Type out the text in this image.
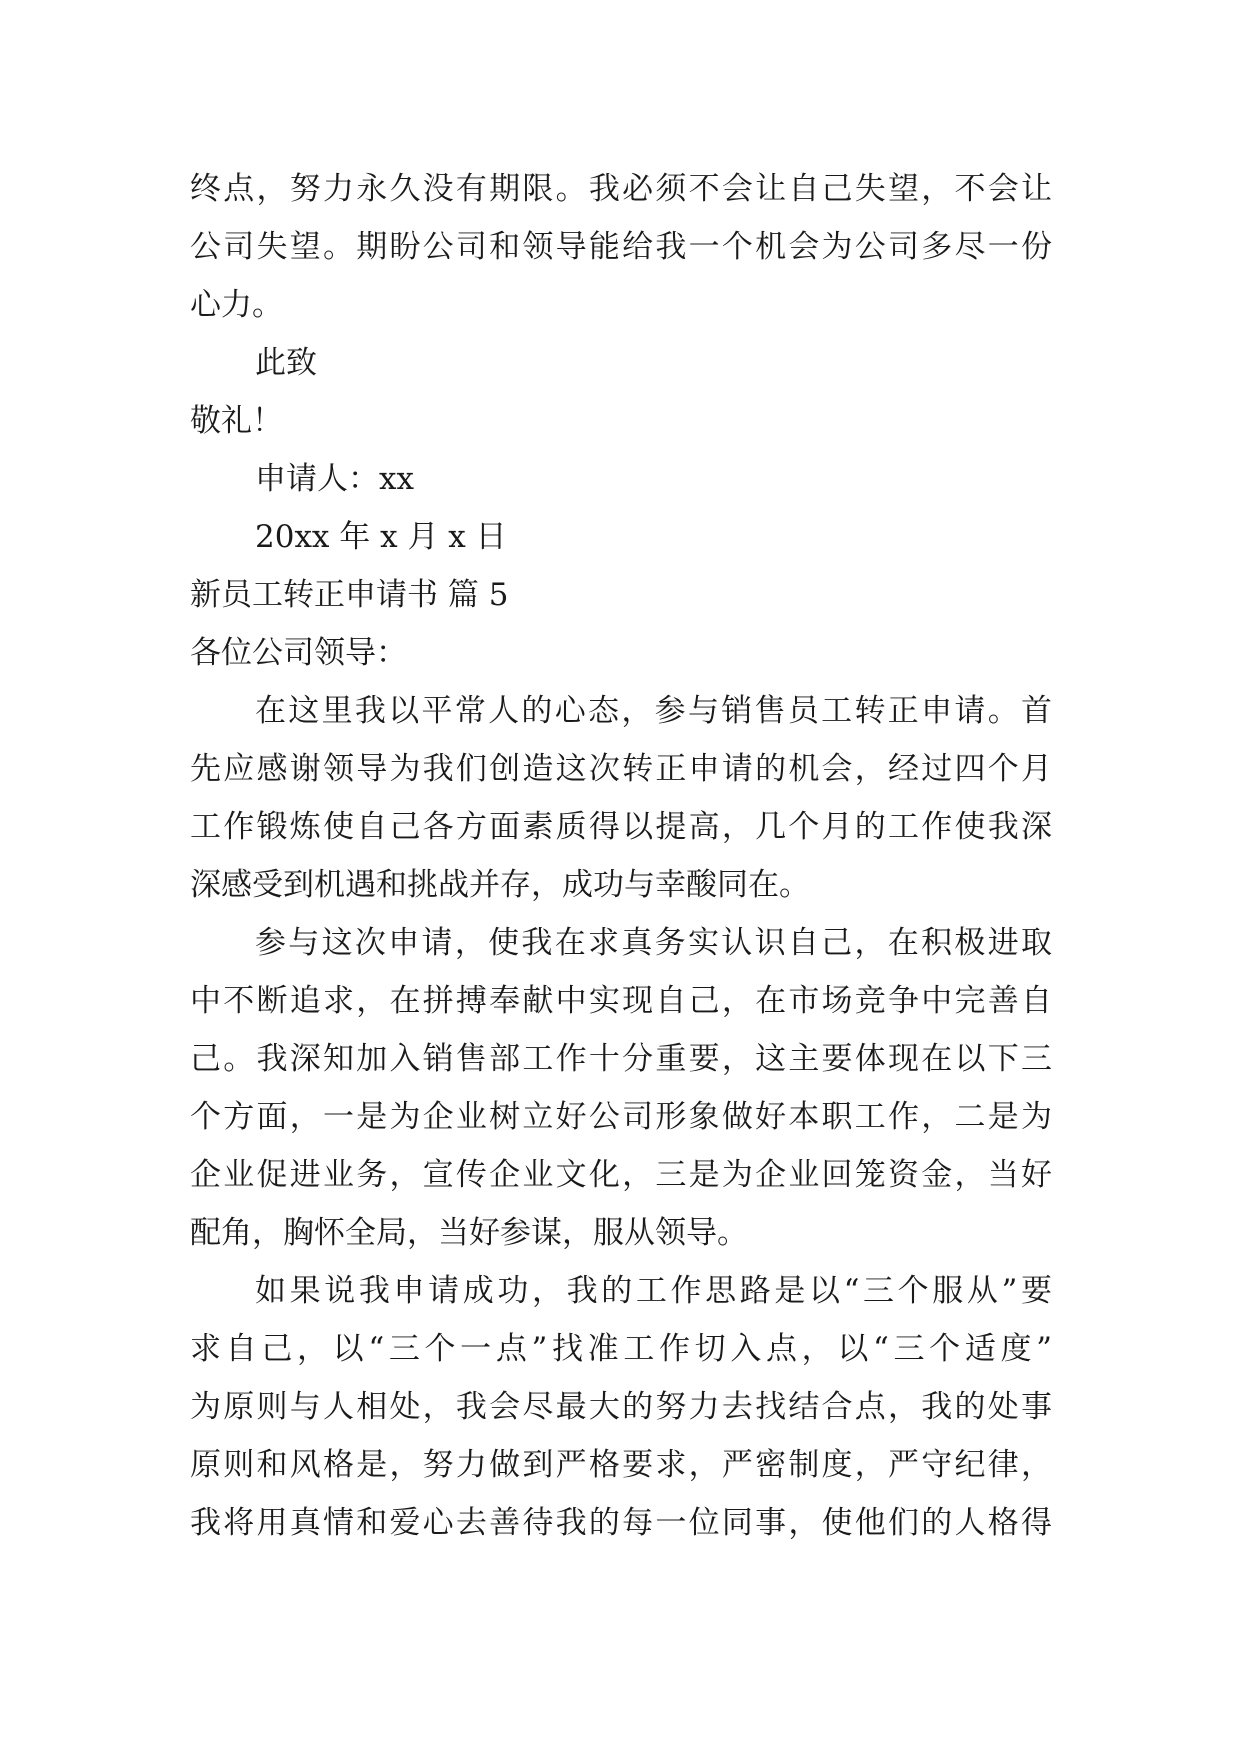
终点，努力永久没有期限。我必须不会让自己失望，不会让
公司失望。期盼公司和领导能给我一个机会为公司多尽一份
心力。
此致
敬礼！
申请人：xx
20xx 年 x 月 x 日
新员工转正申请书 篇 5
各位公司领导：
在这里我以平常人的心态，参与销售员工转正申请。首
先应感谢领导为我们创造这次转正申请的机会，经过四个月
工作锻炼使自己各方面素质得以提高，几个月的工作使我深
深感受到机遇和挑战并存，成功与幸酸同在。
参与这次申请，使我在求真务实认识自己，在积极进取
中不断追求，在拼搏奉献中实现自己，在市场竞争中完善自
己。我深知加入销售部工作十分重要，这主要体现在以下三
个方面，一是为企业树立好公司形象做好本职工作，二是为
企业促进业务，宣传企业文化，三是为企业回笼资金，当好
配角，胸怀全局，当好参谋，服从领导。
如果说我申请成功，我的工作思路是以“三个服从”要
求自己，以“三个一点”找准工作切入点，以“三个适度”
为原则与人相处，我会尽最大的努力去找结合点，我的处事
原则和风格是，努力做到严格要求，严密制度，严守纪律，
我将用真情和爱心去善待我的每一位同事，使他们的人格得
